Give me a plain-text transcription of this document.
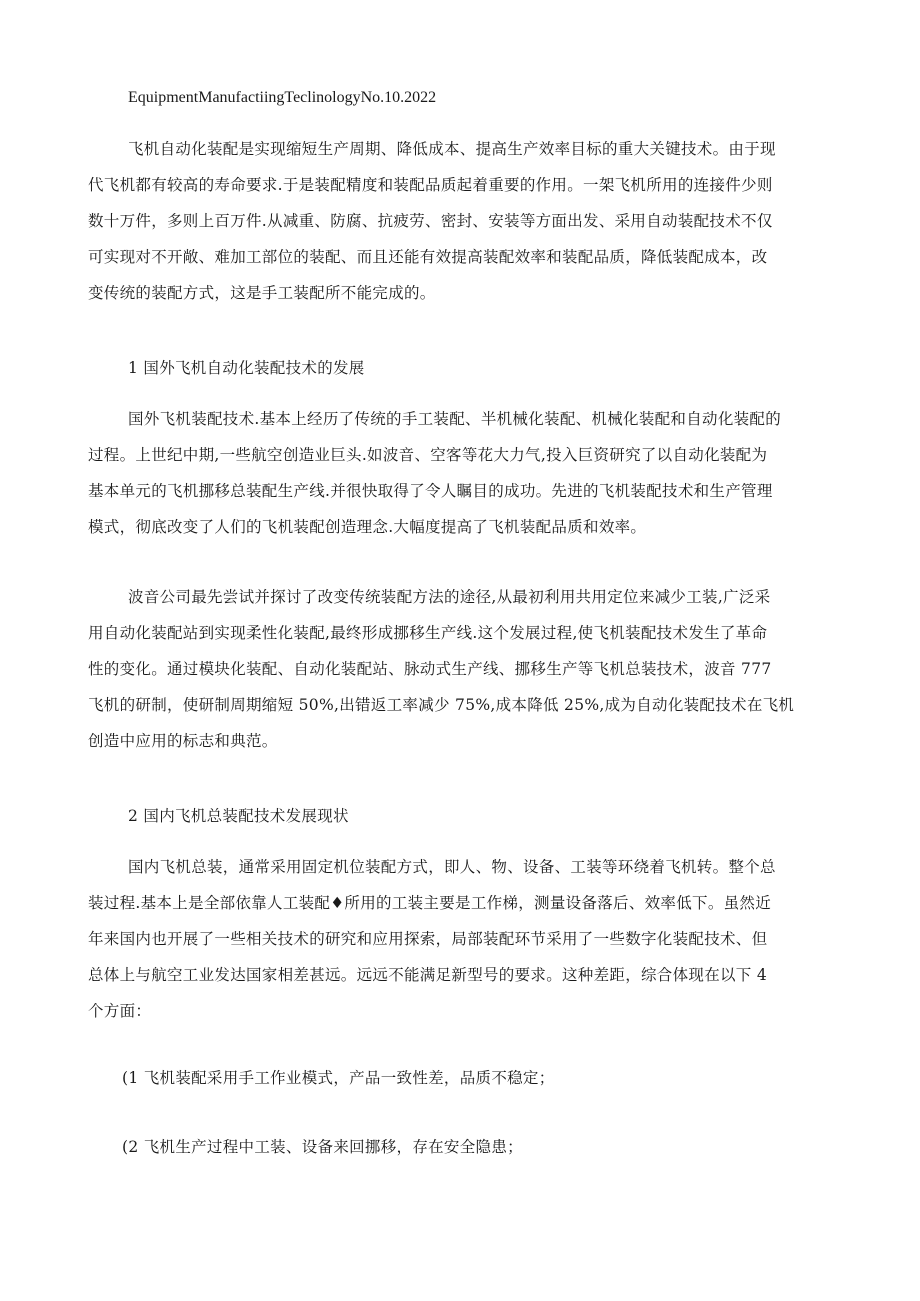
EquipmentManufactiingTeclinologyNo.10.2022
飞机自动化装配是实现缩短生产周期、降低成本、提高生产效率目标的重大关键技术。由于现
代飞机都有较高的寿命要求.于是装配精度和装配品质起着重要的作用。一架飞机所用的连接件少则
数十万件，多则上百万件.从减重、防腐、抗疲劳、密封、安装等方面出发、采用自动装配技术不仅
可实现对不开敞、难加工部位的装配、而且还能有效提高装配效率和装配品质，降低装配成本，改
变传统的装配方式，这是手工装配所不能完成的。
1 国外飞机自动化装配技术的发展
国外飞机装配技术.基本上经历了传统的手工装配、半机械化装配、机械化装配和自动化装配的
过程。上世纪中期,一些航空创造业巨头.如波音、空客等花大力气,投入巨资研究了以自动化装配为
基本单元的飞机挪移总装配生产线.并很快取得了令人瞩目的成功。先进的飞机装配技术和生产管理
模式，彻底改变了人们的飞机装配创造理念.大幅度提高了飞机装配品质和效率。
波音公司最先尝试并探讨了改变传统装配方法的途径,从最初利用共用定位来减少工装,广泛采
用自动化装配站到实现柔性化装配,最终形成挪移生产线.这个发展过程,使飞机装配技术发生了革命
性的变化。通过模块化装配、自动化装配站、脉动式生产线、挪移生产等飞机总装技术，波音 777
飞机的研制，使研制周期缩短 50%,出错返工率减少 75%,成本降低 25%,成为自动化装配技术在飞机
创造中应用的标志和典范。
2 国内飞机总装配技术发展现状
国内飞机总装，通常采用固定机位装配方式，即人、物、设备、工装等环绕着飞机转。整个总
装过程.基本上是全部依靠人工装配♦所用的工装主要是工作梯，测量设备落后、效率低下。虽然近
年来国内也开展了一些相关技术的研究和应用探索，局部装配环节采用了一些数字化装配技术、但
总体上与航空工业发达国家相差甚远。远远不能满足新型号的要求。这种差距，综合体现在以下 4
个方面：
(1 飞机装配采用手工作业模式，产品一致性差，品质不稳定；
(2 飞机生产过程中工装、设备来回挪移，存在安全隐患；
